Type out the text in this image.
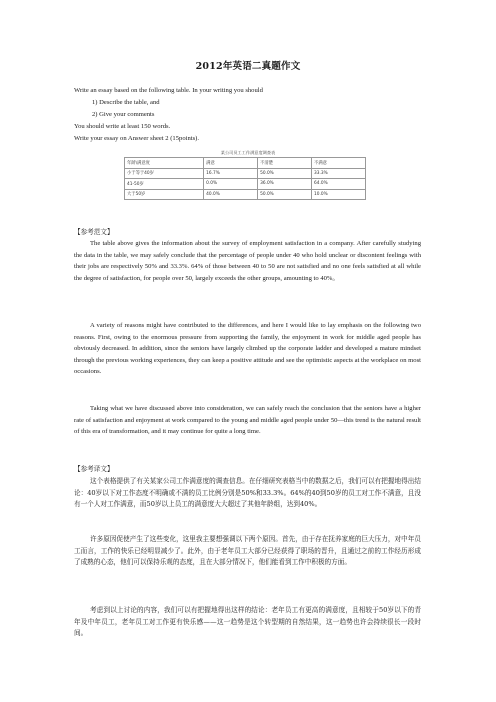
2012年英语二真题作文
Write an essay based on the following table. In your writing you should
1) Describe the table, and
2) Give your comments
You should write at least 150 words.
Write your essay on Answer sheet 2 (15points).
某公司员工工作满意度调查表
年龄\满意度	满意	不清楚	不满意
小于等于40岁	16.7%	50.0%	33.3%
41-50岁	0.0%	36.0%	64.0%
大于50岁	40.0%	50.0%	10.0%
【参考范文】
The table above gives the information about the survey of employment satisfaction in a company. After carefully studying the data in the table, we may safely conclude that the percentage of people under 40 who hold unclear or discontent feelings with their jobs are respectively 50% and 33.3%. 64% of those between 40 to 50 are not satisfied and no one feels satisfied at all while the degree of satisfaction, for people over 50, largely exceeds the other groups, amounting to 40%。
A variety of reasons might have contributed to the differences, and here I would like to lay emphasis on the following two reasons. First, owing to the enormous pressure from supporting the family, the enjoyment in work for middle aged people has obviously decreased. In addition, since the seniors have largely climbed up the corporate ladder and developed a mature mindset through the previous working experiences, they can keep a positive attitude and see the optimistic aspects at the workplace on most occasions.
Taking what we have discussed above into consideration, we can safely reach the conclusion that the seniors have a higher rate of satisfaction and enjoyment at work compared to the young and middle aged people under 50—this trend is the natural result of this era of transformation, and it may continue for quite a long time.
【参考译文】
这个表格提供了有关某家公司工作满意度的调查信息。在仔细研究表格当中的数据之后，我们可以有把握地得出结论：40岁以下对工作态度不明确或不满的员工比例分别是50%和33.3%。64%的40到50岁的员工对工作不满意，且没有一个人对工作满意，而50岁以上员工的满意度大大超过了其他年龄组，达到40%。
许多原因促使产生了这些变化，这里我主要想强调以下两个原因。首先，由于存在抚养家庭的巨大压力，对中年员工而言，工作的快乐已经明显减少了。此外，由于老年员工大部分已经获得了职场的晋升，且通过之前的工作经历形成了成熟的心态，他们可以保持乐观的态度，且在大部分情况下，他们能看到工作中积极的方面。
考虑到以上讨论的内容，我们可以有把握地得出这样的结论：老年员工有更高的满意度，且相较于50岁以下的青年及中年员工，老年员工对工作更有快乐感——这一趋势是这个转型期的自然结果，这一趋势也许会持续很长一段时间。
